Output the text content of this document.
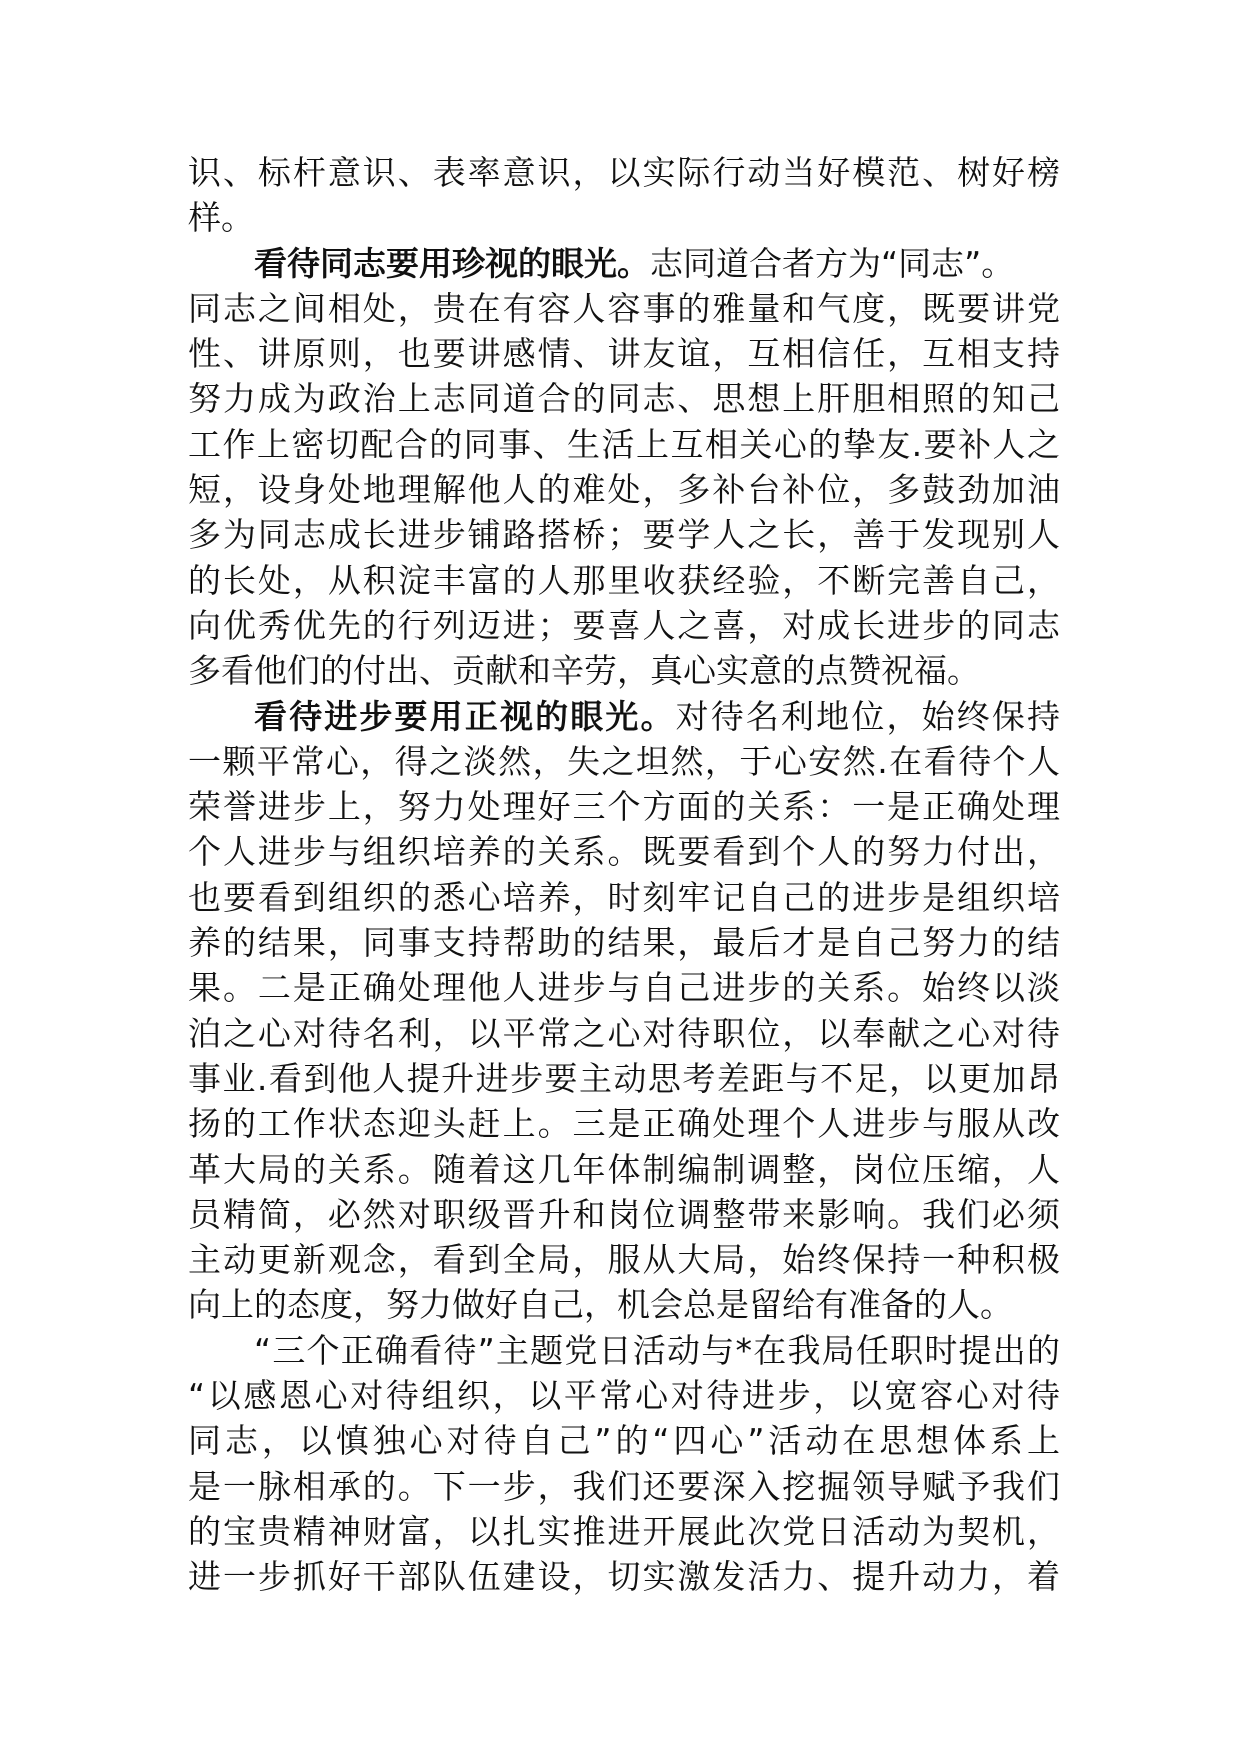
识、标杆意识、表率意识，以实际行动当好模范、树好榜
样。
看待同志要用珍视的眼光。志同道合者方为“同志”。
同志之间相处，贵在有容人容事的雅量和气度，既要讲党
性、讲原则，也要讲感情、讲友谊，互相信任，互相支持
努力成为政治上志同道合的同志、思想上肝胆相照的知己
工作上密切配合的同事、生活上互相关心的挚友.要补人之
短，设身处地理解他人的难处，多补台补位，多鼓劲加油
多为同志成长进步铺路搭桥；要学人之长，善于发现别人
的长处，从积淀丰富的人那里收获经验，不断完善自己，
向优秀优先的行列迈进；要喜人之喜，对成长进步的同志
多看他们的付出、贡献和辛劳，真心实意的点赞祝福。
看待进步要用正视的眼光。对待名利地位，始终保持
一颗平常心，得之淡然，失之坦然，于心安然.在看待个人
荣誉进步上，努力处理好三个方面的关系：一是正确处理
个人进步与组织培养的关系。既要看到个人的努力付出，
也要看到组织的悉心培养，时刻牢记自己的进步是组织培
养的结果，同事支持帮助的结果，最后才是自己努力的结
果。二是正确处理他人进步与自己进步的关系。始终以淡
泊之心对待名利，以平常之心对待职位，以奉献之心对待
事业.看到他人提升进步要主动思考差距与不足，以更加昂
扬的工作状态迎头赶上。三是正确处理个人进步与服从改
革大局的关系。随着这几年体制编制调整，岗位压缩，人
员精简，必然对职级晋升和岗位调整带来影响。我们必须
主动更新观念，看到全局，服从大局，始终保持一种积极
向上的态度，努力做好自己，机会总是留给有准备的人。
“三个正确看待”主题党日活动与*在我局任职时提出的
“以感恩心对待组织，以平常心对待进步，以宽容心对待
同志，以慎独心对待自己”的“四心”活动在思想体系上
是一脉相承的。下一步，我们还要深入挖掘领导赋予我们
的宝贵精神财富，以扎实推进开展此次党日活动为契机，
进一步抓好干部队伍建设，切实激发活力、提升动力，着
